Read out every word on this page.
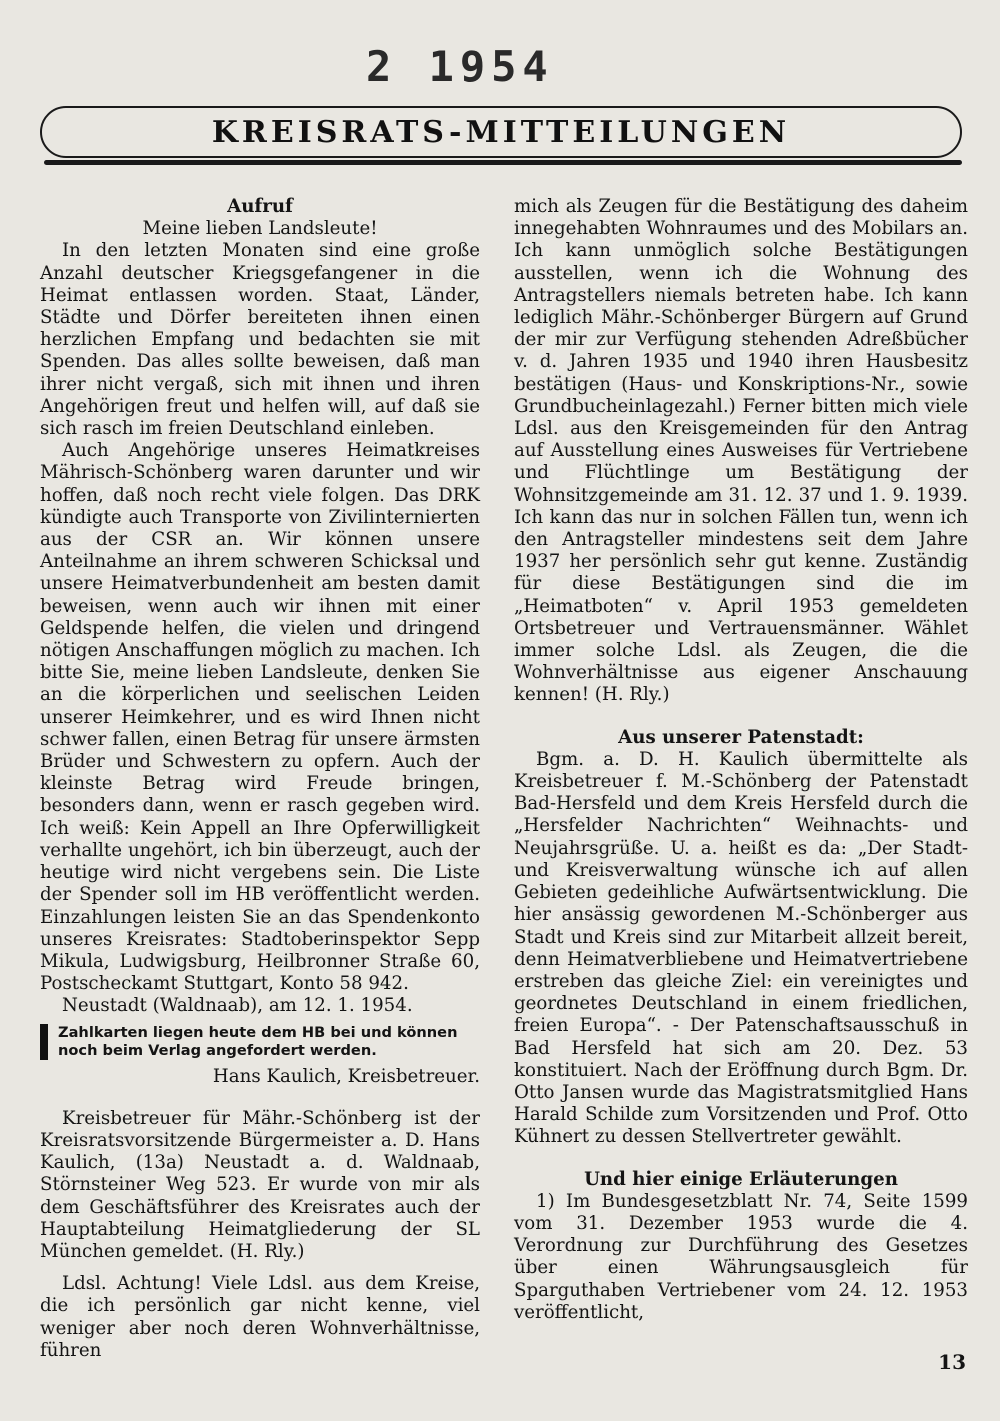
2 1954
KREISRATS-MITTEILUNGEN

Aufruf

Meine lieben Landsleute!

In den letzten Monaten sind eine große Anzahl deutscher Kriegsgefangener in die Heimat entlassen worden. Staat, Länder, Städte und Dörfer bereiteten ihnen einen herzlichen Empfang und bedachten sie mit Spenden. Das alles sollte beweisen, daß man ihrer nicht vergaß, sich mit ihnen und ihren Angehörigen freut und helfen will, auf daß sie sich rasch im freien Deutschland einleben.

Auch Angehörige unseres Heimatkreises Mährisch-Schönberg waren darunter und wir hoffen, daß noch recht viele folgen. Das DRK kündigte auch Transporte von Zivilinternierten aus der CSR an. Wir können unsere Anteilnahme an ihrem schweren Schicksal und unsere Heimatverbundenheit am besten damit beweisen, wenn auch wir ihnen mit einer Geldspende helfen, die vielen und dringend nötigen Anschaffungen möglich zu machen. Ich bitte Sie, meine lieben Landsleute, denken Sie an die körperlichen und seelischen Leiden unserer Heimkehrer, und es wird Ihnen nicht schwer fallen, einen Betrag für unsere ärmsten Brüder und Schwestern zu opfern. Auch der kleinste Betrag wird Freude bringen, besonders dann, wenn er rasch gegeben wird. Ich weiß: Kein Appell an Ihre Opferwilligkeit verhallte ungehört, ich bin überzeugt, auch der heutige wird nicht vergebens sein. Die Liste der Spender soll im HB veröffentlicht werden. Einzahlungen leisten Sie an das Spendenkonto unseres Kreisrates: Stadtoberinspektor Sepp Mikula, Ludwigsburg, Heilbronner Straße 60, Postscheckamt Stuttgart, Konto 58 942.

Neustadt (Waldnaab), am 12. 1. 1954.

Zahlkarten liegen heute dem HB bei und können noch beim Verlag angefordert werden.

Hans Kaulich, Kreisbetreuer.

Kreisbetreuer für Mähr.-Schönberg ist der Kreisratsvorsitzende Bürgermeister a. D. Hans Kaulich, (13a) Neustadt a. d. Waldnaab, Störnsteiner Weg 523. Er wurde von mir als dem Geschäftsführer des Kreisrates auch der Hauptabteilung Heimatgliederung der SL München gemeldet. (H. Rly.)

Ldsl. Achtung! Viele Ldsl. aus dem Kreise, die ich persönlich gar nicht kenne, viel weniger aber noch deren Wohnverhältnisse, führen

mich als Zeugen für die Bestätigung des daheim innegehabten Wohnraumes und des Mobilars an. Ich kann unmöglich solche Bestätigungen ausstellen, wenn ich die Wohnung des Antragstellers niemals betreten habe. Ich kann lediglich Mähr.-Schönberger Bürgern auf Grund der mir zur Verfügung stehenden Adreßbücher v. d. Jahren 1935 und 1940 ihren Hausbesitz bestätigen (Haus- und Konskriptions-Nr., sowie Grundbucheinlagezahl.) Ferner bitten mich viele Ldsl. aus den Kreisgemeinden für den Antrag auf Ausstellung eines Ausweises für Vertriebene und Flüchtlinge um Bestätigung der Wohnsitzgemeinde am 31. 12. 37 und 1. 9. 1939. Ich kann das nur in solchen Fällen tun, wenn ich den Antragsteller mindestens seit dem Jahre 1937 her persönlich sehr gut kenne. Zuständig für diese Bestätigungen sind die im „Heimatboten“ v. April 1953 gemeldeten Ortsbetreuer und Vertrauensmänner. Wählet immer solche Ldsl. als Zeugen, die die Wohnverhältnisse aus eigener Anschauung kennen! (H. Rly.)

Aus unserer Patenstadt:

Bgm. a. D. H. Kaulich übermittelte als Kreisbetreuer f. M.-Schönberg der Patenstadt Bad-Hersfeld und dem Kreis Hersfeld durch die „Hersfelder Nachrichten“ Weihnachts- und Neujahrsgrüße. U. a. heißt es da: „Der Stadt- und Kreisverwaltung wünsche ich auf allen Gebieten gedeihliche Aufwärtsentwicklung. Die hier ansässig gewordenen M.-Schönberger aus Stadt und Kreis sind zur Mitarbeit allzeit bereit, denn Heimatverbliebene und Heimatvertriebene erstreben das gleiche Ziel: ein vereinigtes und geordnetes Deutschland in einem friedlichen, freien Europa“. - Der Patenschaftsausschuß in Bad Hersfeld hat sich am 20. Dez. 53 konstituiert. Nach der Eröffnung durch Bgm. Dr. Otto Jansen wurde das Magistratsmitglied Hans Harald Schilde zum Vorsitzenden und Prof. Otto Kühnert zu dessen Stellvertreter gewählt.

Und hier einige Erläuterungen

1) Im Bundesgesetzblatt Nr. 74, Seite 1599 vom 31. Dezember 1953 wurde die 4. Verordnung zur Durchführung des Gesetzes über einen Währungsausgleich für Sparguthaben Vertriebener vom 24. 12. 1953 veröffentlicht,

13
